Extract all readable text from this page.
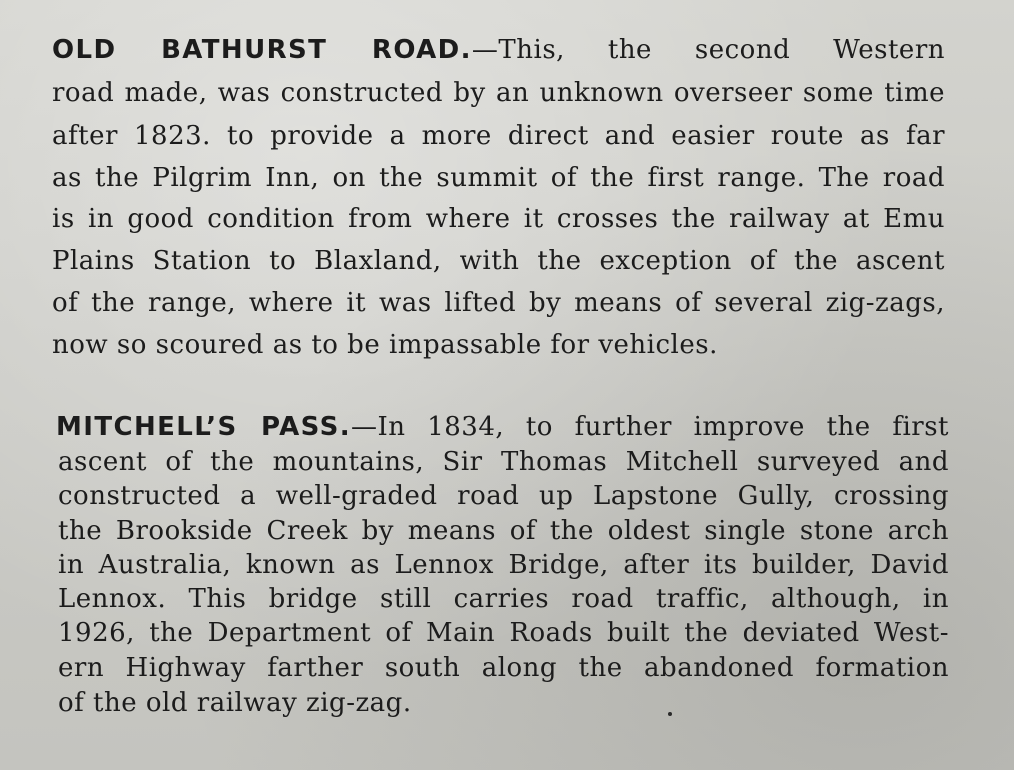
OLD BATHURST ROAD.—This, the second Western
road made, was constructed by an unknown overseer some time
after 1823. to provide a more direct and easier route as far
as the Pilgrim Inn, on the summit of the first range. The road
is in good condition from where it crosses the railway at Emu
Plains Station to Blaxland, with the exception of the ascent
of the range, where it was lifted by means of several zig-zags,
now so scoured as to be impassable for vehicles.
MITCHELL’S PASS.—In 1834, to further improve the first
ascent of the mountains, Sir Thomas Mitchell surveyed and
constructed a well-graded road up Lapstone Gully, crossing
the Brookside Creek by means of the oldest single stone arch
in Australia, known as Lennox Bridge, after its builder, David
Lennox. This bridge still carries road traffic, although, in
1926, the Department of Main Roads built the deviated West-
ern Highway farther south along the abandoned formation
of the old railway zig-zag.
